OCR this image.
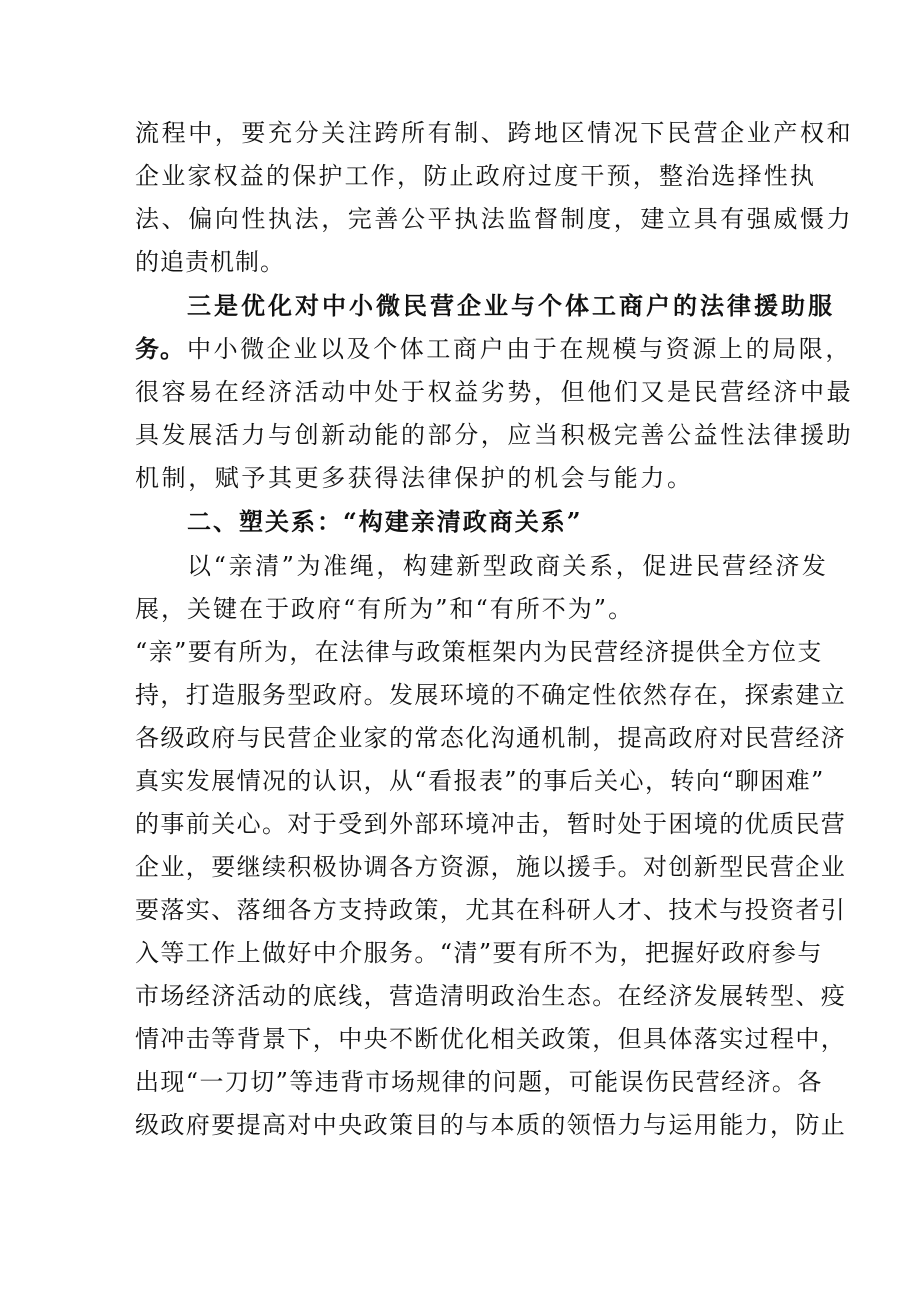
流程中，要充分关注跨所有制、跨地区情况下民营企业产权和
企业家权益的保护工作，防止政府过度干预，整治选择性执
法、偏向性执法，完善公平执法监督制度，建立具有强威慑力
的追责机制。
三是优化对中小微民营企业与个体工商户的法律援助服
务。 中小微企业以及个体工商户由于在规模与资源上的局限，
很容易在经济活动中处于权益劣势，但他们又是民营经济中最
具发展活力与创新动能的部分，应当积极完善公益性法律援助
机制，赋予其更多获得法律保护的机会与能力。
二、塑关系：“构建亲清政商关系”
以“亲清”为准绳，构建新型政商关系，促进民营经济发
展，关键在于政府“有所为”和“有所不为”。
“亲”要有所为，在法律与政策框架内为民营经济提供全方位支
持，打造服务型政府。发展环境的不确定性依然存在，探索建立
各级政府与民营企业家的常态化沟通机制，提高政府对民营经济
真实发展情况的认识，从“看报表”的事后关心，转向“聊困难”
的事前关心。对于受到外部环境冲击，暂时处于困境的优质民营
企业，要继续积极协调各方资源，施以援手。对创新型民营企业
要落实、落细各方支持政策，尤其在科研人才、技术与投资者引
入等工作上做好中介服务。“清”要有所不为，把握好政府参与
市场经济活动的底线，营造清明政治生态。在经济发展转型、疫
情冲击等背景下，中央不断优化相关政策，但具体落实过程中，
出现“一刀切”等违背市场规律的问题，可能误伤民营经济。各
级政府要提高对中央政策目的与本质的领悟力与运用能力，防止
